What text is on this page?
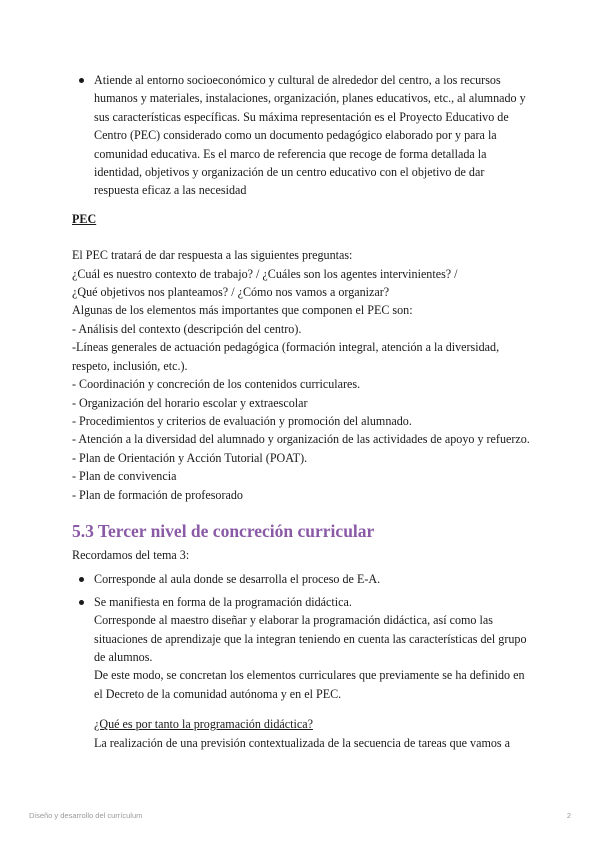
Atiende al entorno socioeconómico y cultural de alrededor del centro, a los recursos humanos y materiales, instalaciones, organización, planes educativos, etc., al alumnado y sus características específicas. Su máxima representación es el Proyecto Educativo de Centro (PEC) considerado como un documento pedagógico elaborado por y para la comunidad educativa. Es el marco de referencia que recoge de forma detallada la identidad, objetivos y organización de un centro educativo con el objetivo de dar respuesta eficaz a las necesidad
PEC
El PEC tratará de dar respuesta a las siguientes preguntas:
¿Cuál es nuestro contexto de trabajo? / ¿Cuáles son los agentes intervinientes? /
¿Qué objetivos nos planteamos? / ¿Cómo nos vamos a organizar?
Algunas de los elementos más importantes que componen el PEC son:
- Análisis del contexto (descripción del centro).
-Líneas generales de actuación pedagógica (formación integral, atención a la diversidad, respeto, inclusión, etc.).
- Coordinación y concreción de los contenidos curriculares.
- Organización del horario escolar y extraescolar
- Procedimientos y criterios de evaluación y promoción del alumnado.
- Atención a la diversidad del alumnado y organización de las actividades de apoyo y refuerzo.
- Plan de Orientación y Acción Tutorial (POAT).
- Plan de convivencia
- Plan de formación de profesorado
5.3 Tercer nivel de concreción curricular
Recordamos del tema 3:
Corresponde al aula donde se desarrolla el proceso de E-A.
Se manifiesta en forma de la programación didáctica.
Corresponde al maestro diseñar y elaborar la programación didáctica, así como las situaciones de aprendizaje que la integran teniendo en cuenta las características del grupo de alumnos.
De este modo, se concretan los elementos curriculares que previamente se ha definido en el Decreto de la comunidad autónoma y en el PEC.
¿Qué es por tanto la programación didáctica?
La realización de una previsión contextualizada de la secuencia de tareas que vamos a
Diseño y desarrollo del currículum	2
